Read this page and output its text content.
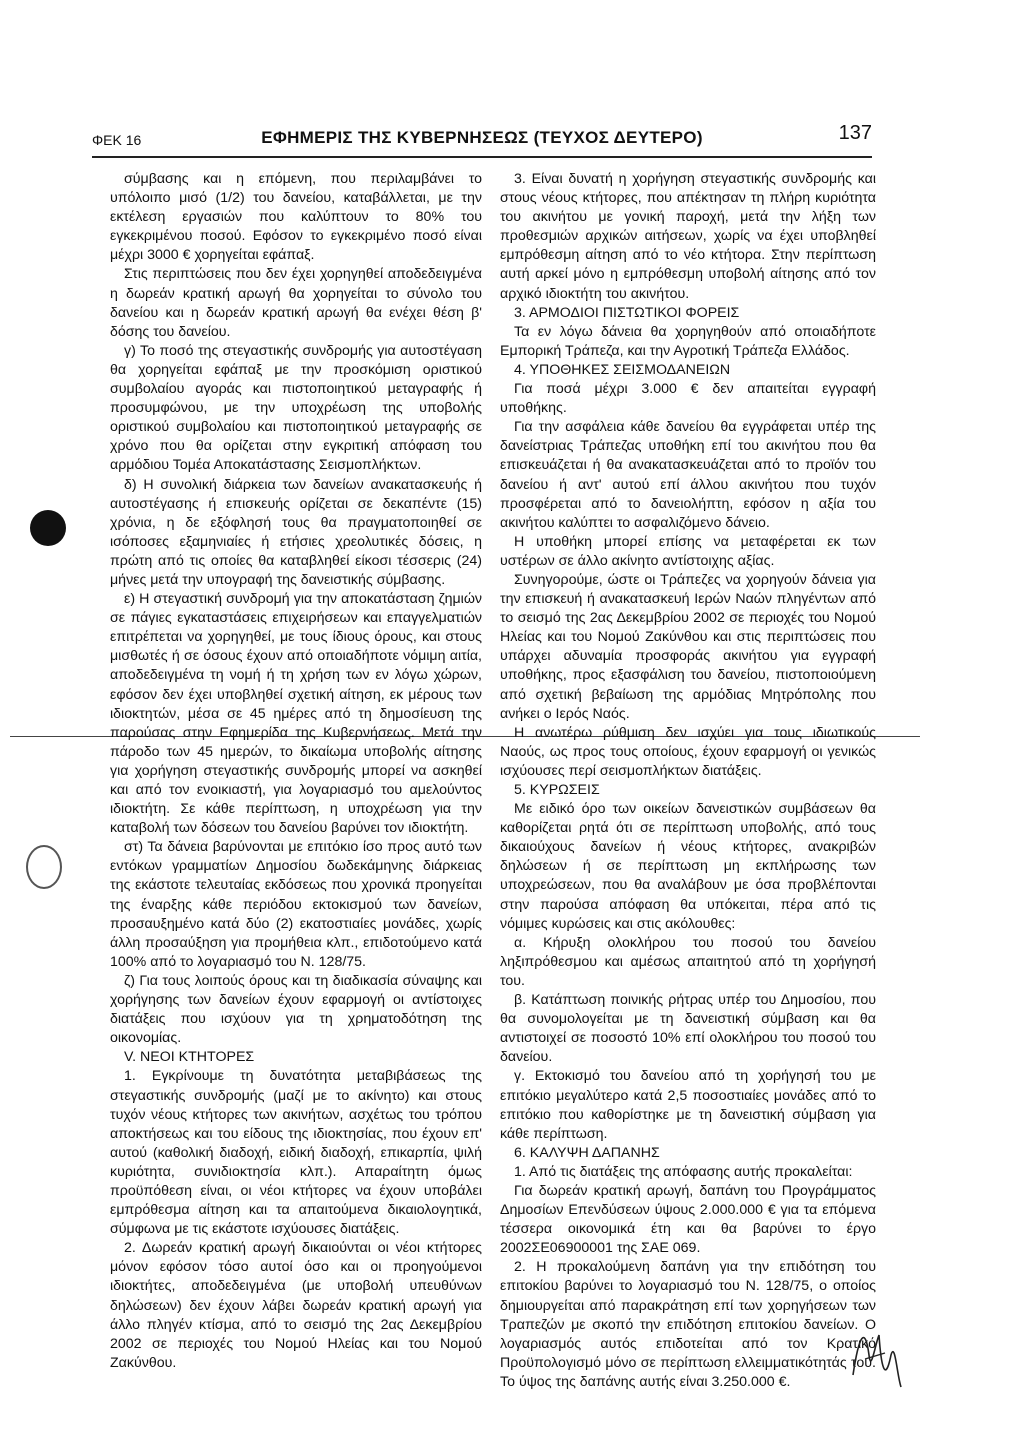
ΦΕΚ 16	ΕΦΗΜΕΡΙΣ ΤΗΣ ΚΥΒΕΡΝΗΣΕΩΣ (ΤΕΥΧΟΣ ΔΕΥΤΕΡΟ)	137

σύμβασης και η επόμενη, που περιλαμβάνει το υπόλοιπο μισό (1/2) του δανείου, καταβάλλεται, με την εκτέλεση εργασιών που καλύπτουν το 80% του εγκεκριμένου ποσού. Εφόσον το εγκεκριμένο ποσό είναι μέχρι 3000 € χορηγείται εφάπαξ.

Στις περιπτώσεις που δεν έχει χορηγηθεί αποδεδειγμένα η δωρεάν κρατική αρωγή θα χορηγείται το σύνολο του δανείου και η δωρεάν κρατική αρωγή θα ενέχει θέση β' δόσης του δανείου.

γ) Το ποσό της στεγαστικής συνδρομής για αυτοστέγαση θα χορηγείται εφάπαξ με την προσκόμιση οριστικού συμβολαίου αγοράς και πιστοποιητικού μεταγραφής ή προσυμφώνου, με την υποχρέωση της υποβολής οριστικού συμβολαίου και πιστοποιητικού μεταγραφής σε χρόνο που θα ορίζεται στην εγκριτική απόφαση του αρμόδιου Τομέα Αποκατάστασης Σεισμοπλήκτων.

δ) Η συνολική διάρκεια των δανείων ανακατασκευής ή αυτοστέγασης ή επισκευής ορίζεται σε δεκαπέντε (15) χρόνια, η δε εξόφλησή τους θα πραγματοποιηθεί σε ισόποσες εξαμηνιαίες ή ετήσιες χρεολυτικές δόσεις, η πρώτη από τις οποίες θα καταβληθεί είκοσι τέσσερις (24) μήνες μετά την υπογραφή της δανειστικής σύμβασης.

ε) Η στεγαστική συνδρομή για την αποκατάσταση ζημιών σε πάγιες εγκαταστάσεις επιχειρήσεων και επαγγελματιών επιτρέπεται να χορηγηθεί, με τους ίδιους όρους, και στους μισθωτές ή σε όσους έχουν από οποιαδήποτε νόμιμη αιτία, αποδεδειγμένα τη νομή ή τη χρήση των εν λόγω χώρων, εφόσον δεν έχει υποβληθεί σχετική αίτηση, εκ μέρους των ιδιοκτητών, μέσα σε 45 ημέρες από τη δημοσίευση της παρούσας στην Εφημερίδα της Κυβερνήσεως. Μετά την πάροδο των 45 ημερών, το δικαίωμα υποβολής αίτησης για χορήγηση στεγαστικής συνδρομής μπορεί να ασκηθεί και από τον ενοικιαστή, για λογαριασμό του αμελούντος ιδιοκτήτη. Σε κάθε περίπτωση, η υποχρέωση για την καταβολή των δόσεων του δανείου βαρύνει τον ιδιοκτήτη.

στ) Τα δάνεια βαρύνονται με επιτόκιο ίσο προς αυτό των εντόκων γραμματίων Δημοσίου δωδεκάμηνης διάρκειας της εκάστοτε τελευταίας εκδόσεως που χρονικά προηγείται της έναρξης κάθε περιόδου εκτοκισμού των δανείων, προσαυξημένο κατά δύο (2) εκατοστιαίες μονάδες, χωρίς άλλη προσαύξηση για προμήθεια κλπ., επιδοτούμενο κατά 100% από το λογαριασμό του Ν. 128/75.

ζ) Για τους λοιπούς όρους και τη διαδικασία σύναψης και χορήγησης των δανείων έχουν εφαρμογή οι αντίστοιχες διατάξεις που ισχύουν για τη χρηματοδότηση της οικονομίας.

V. ΝΕΟΙ ΚΤΗΤΟΡΕΣ

1. Εγκρίνουμε τη δυνατότητα μεταβιβάσεως της στεγαστικής συνδρομής (μαζί με το ακίνητο) και στους τυχόν νέους κτήτορες των ακινήτων, ασχέτως του τρόπου αποκτήσεως και του είδους της ιδιοκτησίας, που έχουν επ' αυτού (καθολική διαδοχή, ειδική διαδοχή, επικαρπία, ψιλή κυριότητα, συνιδιοκτησία κλπ.). Απαραίτητη όμως προϋπόθεση είναι, οι νέοι κτήτορες να έχουν υποβάλει εμπρόθεσμα αίτηση και τα απαιτούμενα δικαιολογητικά, σύμφωνα με τις εκάστοτε ισχύουσες διατάξεις.

2. Δωρεάν κρατική αρωγή δικαιούνται οι νέοι κτήτορες μόνον εφόσον τόσο αυτοί όσο και οι προηγούμενοι ιδιοκτήτες, αποδεδειγμένα (με υποβολή υπευθύνων δηλώσεων) δεν έχουν λάβει δωρεάν κρατική αρωγή για άλλο πληγέν κτίσμα, από το σεισμό της 2ας Δεκεμβρίου 2002 σε περιοχές του Νομού Ηλείας και του Νομού Ζακύνθου.

3. Είναι δυνατή η χορήγηση στεγαστικής συνδρομής και στους νέους κτήτορες, που απέκτησαν τη πλήρη κυριότητα του ακινήτου με γονική παροχή, μετά την λήξη των προθεσμιών αρχικών αιτήσεων, χωρίς να έχει υποβληθεί εμπρόθεσμη αίτηση από το νέο κτήτορα. Στην περίπτωση αυτή αρκεί μόνο η εμπρόθεσμη υποβολή αίτησης από τον αρχικό ιδιοκτήτη του ακινήτου.

3. ΑΡΜΟΔΙΟΙ ΠΙΣΤΩΤΙΚΟΙ ΦΟΡΕΙΣ

Τα εν λόγω δάνεια θα χορηγηθούν από οποιαδήποτε Εμπορική Τράπεζα, και την Αγροτική Τράπεζα Ελλάδος.

4. ΥΠΟΘΗΚΕΣ ΣΕΙΣΜΟΔΑΝΕΙΩΝ

Για ποσά μέχρι 3.000 € δεν απαιτείται εγγραφή υποθήκης.

Για την ασφάλεια κάθε δανείου θα εγγράφεται υπέρ της δανείστριας Τράπεζας υποθήκη επί του ακινήτου που θα επισκευάζεται ή θα ανακατασκευάζεται από το προϊόν του δανείου ή αντ' αυτού επί άλλου ακινήτου που τυχόν προσφέρεται από το δανειολήπτη, εφόσον η αξία του ακινήτου καλύπτει το ασφαλιζόμενο δάνειο.

Η υποθήκη μπορεί επίσης να μεταφέρεται εκ των υστέρων σε άλλο ακίνητο αντίστοιχης αξίας.

Συνηγορούμε, ώστε οι Τράπεζες να χορηγούν δάνεια για την επισκευή ή ανακατασκευή Ιερών Ναών πληγέντων από το σεισμό της 2ας Δεκεμβρίου 2002 σε περιοχές του Νομού Ηλείας και του Νομού Ζακύνθου και στις περιπτώσεις που υπάρχει αδυναμία προσφοράς ακινήτου για εγγραφή υποθήκης, προς εξασφάλιση του δανείου, πιστοποιούμενη από σχετική βεβαίωση της αρμόδιας Μητρόπολης που ανήκει ο Ιερός Ναός.

Η ανωτέρω ρύθμιση δεν ισχύει για τους ιδιωτικούς Ναούς, ως προς τους οποίους, έχουν εφαρμογή οι γενικώς ισχύουσες περί σεισμοπλήκτων διατάξεις.

5. ΚΥΡΩΣΕΙΣ

Με ειδικό όρο των οικείων δανειστικών συμβάσεων θα καθορίζεται ρητά ότι σε περίπτωση υποβολής, από τους δικαιούχους δανείων ή νέους κτήτορες, ανακριβών δηλώσεων ή σε περίπτωση μη εκπλήρωσης των υποχρεώσεων, που θα αναλάβουν με όσα προβλέπονται στην παρούσα απόφαση θα υπόκειται, πέρα από τις νόμιμες κυρώσεις και στις ακόλουθες:

α. Κήρυξη ολοκλήρου του ποσού του δανείου ληξιπρόθεσμου και αμέσως απαιτητού από τη χορήγησή του.

β. Κατάπτωση ποινικής ρήτρας υπέρ του Δημοσίου, που θα συνομολογείται με τη δανειστική σύμβαση και θα αντιστοιχεί σε ποσοστό 10% επί ολοκλήρου του ποσού του δανείου.

γ. Εκτοκισμό του δανείου από τη χορήγησή του με επιτόκιο μεγαλύτερο κατά 2,5 ποσοστιαίες μονάδες από το επιτόκιο που καθορίστηκε με τη δανειστική σύμβαση για κάθε περίπτωση.

6. ΚΑΛΥΨΗ ΔΑΠΑΝΗΣ

1. Από τις διατάξεις της απόφασης αυτής προκαλείται:

Για δωρεάν κρατική αρωγή, δαπάνη του Προγράμματος Δημοσίων Επενδύσεων ύψους 2.000.000 € για τα επόμενα τέσσερα οικονομικά έτη και θα βαρύνει το έργο 2002ΣΕ06900001 της ΣΑΕ 069.

2. Η προκαλούμενη δαπάνη για την επιδότηση του επιτοκίου βαρύνει το λογαριασμό του Ν. 128/75, ο οποίος δημιουργείται από παρακράτηση επί των χορηγήσεων των Τραπεζών με σκοπό την επιδότηση επιτοκίου δανείων. Ο λογαριασμός αυτός επιδοτείται από τον Κρατικό Προϋπολογισμό μόνο σε περίπτωση ελλειμματικότητάς του. Το ύψος της δαπάνης αυτής είναι 3.250.000 €.
